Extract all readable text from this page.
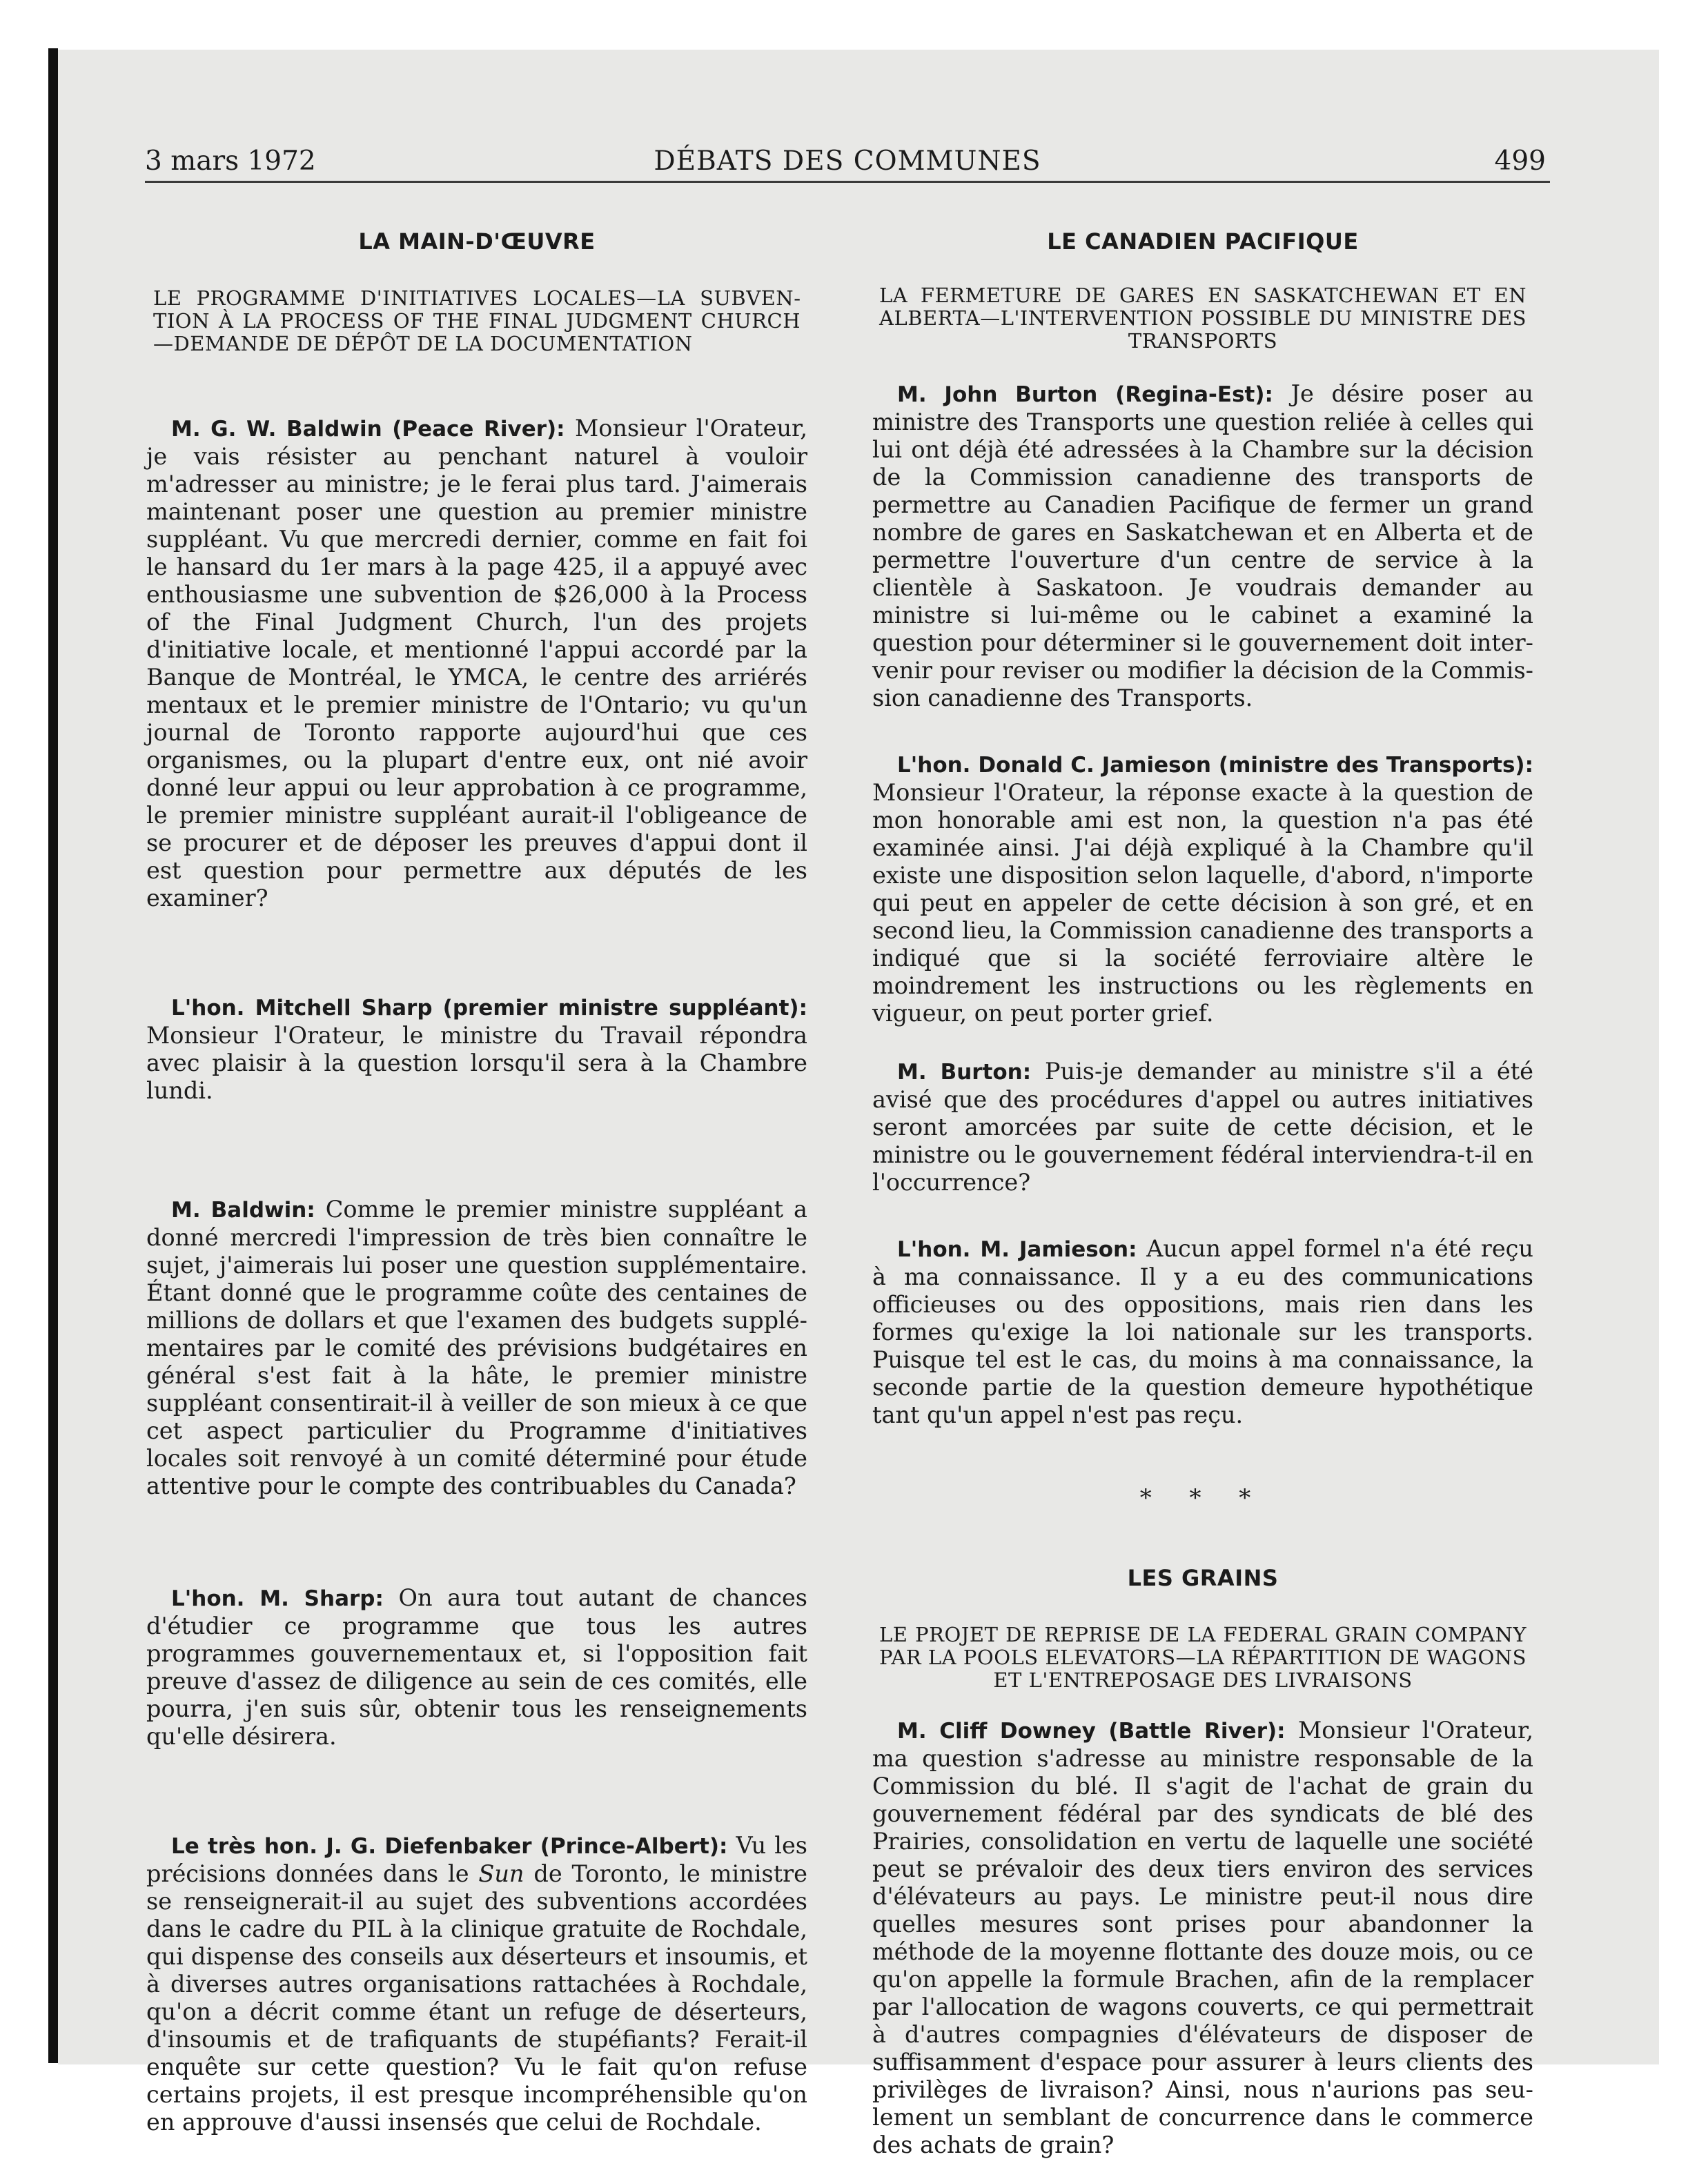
3 mars 1972	DÉBATS DES COMMUNES	499
LA MAIN-D'ŒUVRE
LE PROGRAMME D'INITIATIVES LOCALES—LA SUBVENTION À LA PROCESS OF THE FINAL JUDGMENT CHURCH—DEMANDE DE DÉPÔT DE LA DOCUMENTATION

M. G. W. Baldwin (Peace River): Monsieur l'Orateur, je vais résister au penchant naturel à vouloir m'adresser au ministre; je le ferai plus tard. J'aimerais maintenant poser une question au premier ministre suppléant. Vu que mercredi dernier, comme en fait foi le hansard du 1er mars à la page 425, il a appuyé avec enthousiasme une subvention de $26,000 à la Process of the Final Judgment Church, l'un des projets d'initiative locale, et mentionné l'appui accordé par la Banque de Montréal, le YMCA, le centre des arriérés mentaux et le premier ministre de l'Ontario; vu qu'un journal de Toronto rapporte aujourd'hui que ces organismes, ou la plupart d'entre eux, ont nié avoir donné leur appui ou leur approbation à ce programme, le premier ministre suppléant aurait-il l'obligeance de se procurer et de déposer les preuves d'appui dont il est question pour permettre aux députés de les examiner?

L'hon. Mitchell Sharp (premier ministre suppléant): Monsieur l'Orateur, le ministre du Travail répondra avec plaisir à la question lorsqu'il sera à la Chambre lundi.

M. Baldwin: Comme le premier ministre suppléant a donné mercredi l'impression de très bien connaître le sujet, j'aimerais lui poser une question supplémentaire. Étant donné que le programme coûte des centaines de millions de dollars et que l'examen des budgets supplémentaires par le comité des prévisions budgétaires en général s'est fait à la hâte, le premier ministre suppléant consentirait-il à veiller de son mieux à ce que cet aspect particulier du Programme d'initiatives locales soit renvoyé à un comité déterminé pour étude attentive pour le compte des contribuables du Canada?

L'hon. M. Sharp: On aura tout autant de chances d'étudier ce programme que tous les autres programmes gouvernementaux et, si l'opposition fait preuve d'assez de diligence au sein de ces comités, elle pourra, j'en suis sûr, obtenir tous les renseignements qu'elle désirera.

Le très hon. J. G. Diefenbaker (Prince-Albert): Vu les précisions données dans le Sun de Toronto, le ministre se renseignerait-il au sujet des subventions accordées dans le cadre du PIL à la clinique gratuite de Rochdale, qui dispense des conseils aux déserteurs et insoumis, et à diverses autres organisations rattachées à Rochdale, qu'on a décrit comme étant un refuge de déserteurs, d'insoumis et de trafiquants de stupéfiants? Ferait-il enquête sur cette question? Vu le fait qu'on refuse certains projets, il est presque incompréhensible qu'on en approuve d'aussi insensés que celui de Rochdale.

LE CANADIEN PACIFIQUE
LA FERMETURE DE GARES EN SASKATCHEWAN ET EN ALBERTA—L'INTERVENTION POSSIBLE DU MINISTRE DES TRANSPORTS

M. John Burton (Regina-Est): Je désire poser au ministre des Transports une question reliée à celles qui lui ont déjà été adressées à la Chambre sur la décision de la Commission canadienne des transports de permettre au Canadien Pacifique de fermer un grand nombre de gares en Saskatchewan et en Alberta et de permettre l'ouverture d'un centre de service à la clientèle à Saskatoon. Je voudrais demander au ministre si lui-même ou le cabinet a examiné la question pour déterminer si le gouvernement doit intervenir pour reviser ou modifier la décision de la Commission canadienne des Transports.

L'hon. Donald C. Jamieson (ministre des Transports): Monsieur l'Orateur, la réponse exacte à la question de mon honorable ami est non, la question n'a pas été examinée ainsi. J'ai déjà expliqué à la Chambre qu'il existe une disposition selon laquelle, d'abord, n'importe qui peut en appeler de cette décision à son gré, et en second lieu, la Commission canadienne des transports a indiqué que si la société ferroviaire altère le moindrement les instructions ou les règlements en vigueur, on peut porter grief.

M. Burton: Puis-je demander au ministre s'il a été avisé que des procédures d'appel ou autres initiatives seront amorcées par suite de cette décision, et le ministre ou le gouvernement fédéral interviendra-t-il en l'occurrence?

L'hon. M. Jamieson: Aucun appel formel n'a été reçu à ma connaissance. Il y a eu des communications officieuses ou des oppositions, mais rien dans les formes qu'exige la loi nationale sur les transports. Puisque tel est le cas, du moins à ma connaissance, la seconde partie de la question demeure hypothétique tant qu'un appel n'est pas reçu.

* * *

LES GRAINS
LE PROJET DE REPRISE DE LA FEDERAL GRAIN COMPANY PAR LA POOLS ELEVATORS—LA RÉPARTITION DE WAGONS ET L'ENTREPOSAGE DES LIVRAISONS

M. Cliff Downey (Battle River): Monsieur l'Orateur, ma question s'adresse au ministre responsable de la Commission du blé. Il s'agit de l'achat de grain du gouvernement fédéral par des syndicats de blé des Prairies, consolidation en vertu de laquelle une société peut se prévaloir des deux tiers environ des services d'élévateurs au pays. Le ministre peut-il nous dire quelles mesures sont prises pour abandonner la méthode de la moyenne flottante des douze mois, ou ce qu'on appelle la formule Brachen, afin de la remplacer par l'allocation de wagons couverts, ce qui permettrait à d'autres compagnies d'élévateurs de disposer de suffisamment d'espace pour assurer à leurs clients des privilèges de livraison? Ainsi, nous n'aurions pas seulement un semblant de concurrence dans le commerce des achats de grain?
